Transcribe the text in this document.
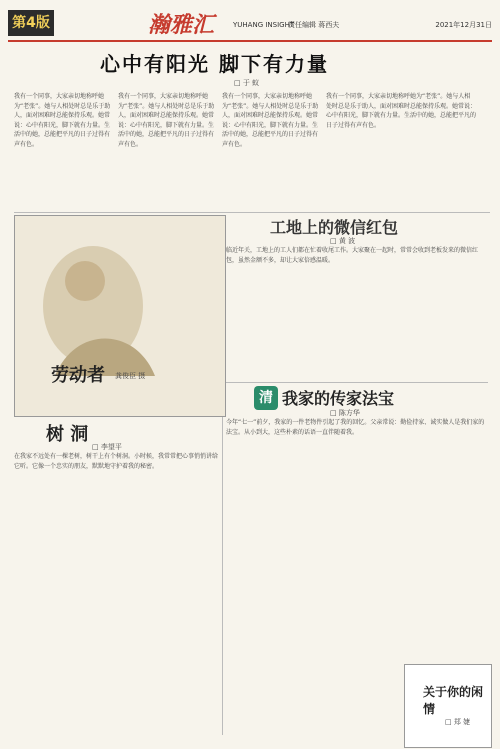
第4版	瀚雅汇	YUHANG INSIGHT
责任编辑 蒋西夫	2021年12月31日
心中有阳光 脚下有力量
□ 于 蚁
我有一个同事，大家亲切地称呼她为“老张”。她与人相处时总是乐于助人，面对困难时总能保持乐观。她常说：心中有阳光，脚下就有力量。生活中的她，总能把平凡的日子过得有声有色。
我有一个同事，大家亲切地称呼她为“老张”。她与人相处时总是乐于助人，面对困难时总能保持乐观。她常说：心中有阳光，脚下就有力量。生活中的她，总能把平凡的日子过得有声有色。
我有一个同事，大家亲切地称呼她为“老张”。她与人相处时总是乐于助人，面对困难时总能保持乐观。她常说：心中有阳光，脚下就有力量。生活中的她，总能把平凡的日子过得有声有色。
我有一个同事，大家亲切地称呼她为“老张”。她与人相处时总是乐于助人，面对困难时总能保持乐观。她常说：心中有阳光，脚下就有力量。生活中的她，总能把平凡的日子过得有声有色。
劳动者 龚俊臣 摄
工地上的微信红包
□ 黄 波
临近年关，工地上的工人们都在忙着收尾工作。大家聚在一起时，常常会收到老板发来的微信红包，虽然金额不多，却让大家倍感温暖。
清 我家的传家法宝
□ 陈方华
今年“七一”前夕，我家的一件老物件引起了我的回忆。父亲常说：勤俭持家、诚实做人是我们家的法宝。从小到大，这些朴素的话语一直伴随着我。
树 洞
□ 李望平
在我家不远处有一棵老树，树干上有个树洞。小时候，我常常把心事悄悄讲给它听。它像一个忠实的朋友，默默地守护着我的秘密。
关于你的闲情
□ 郑 婕
